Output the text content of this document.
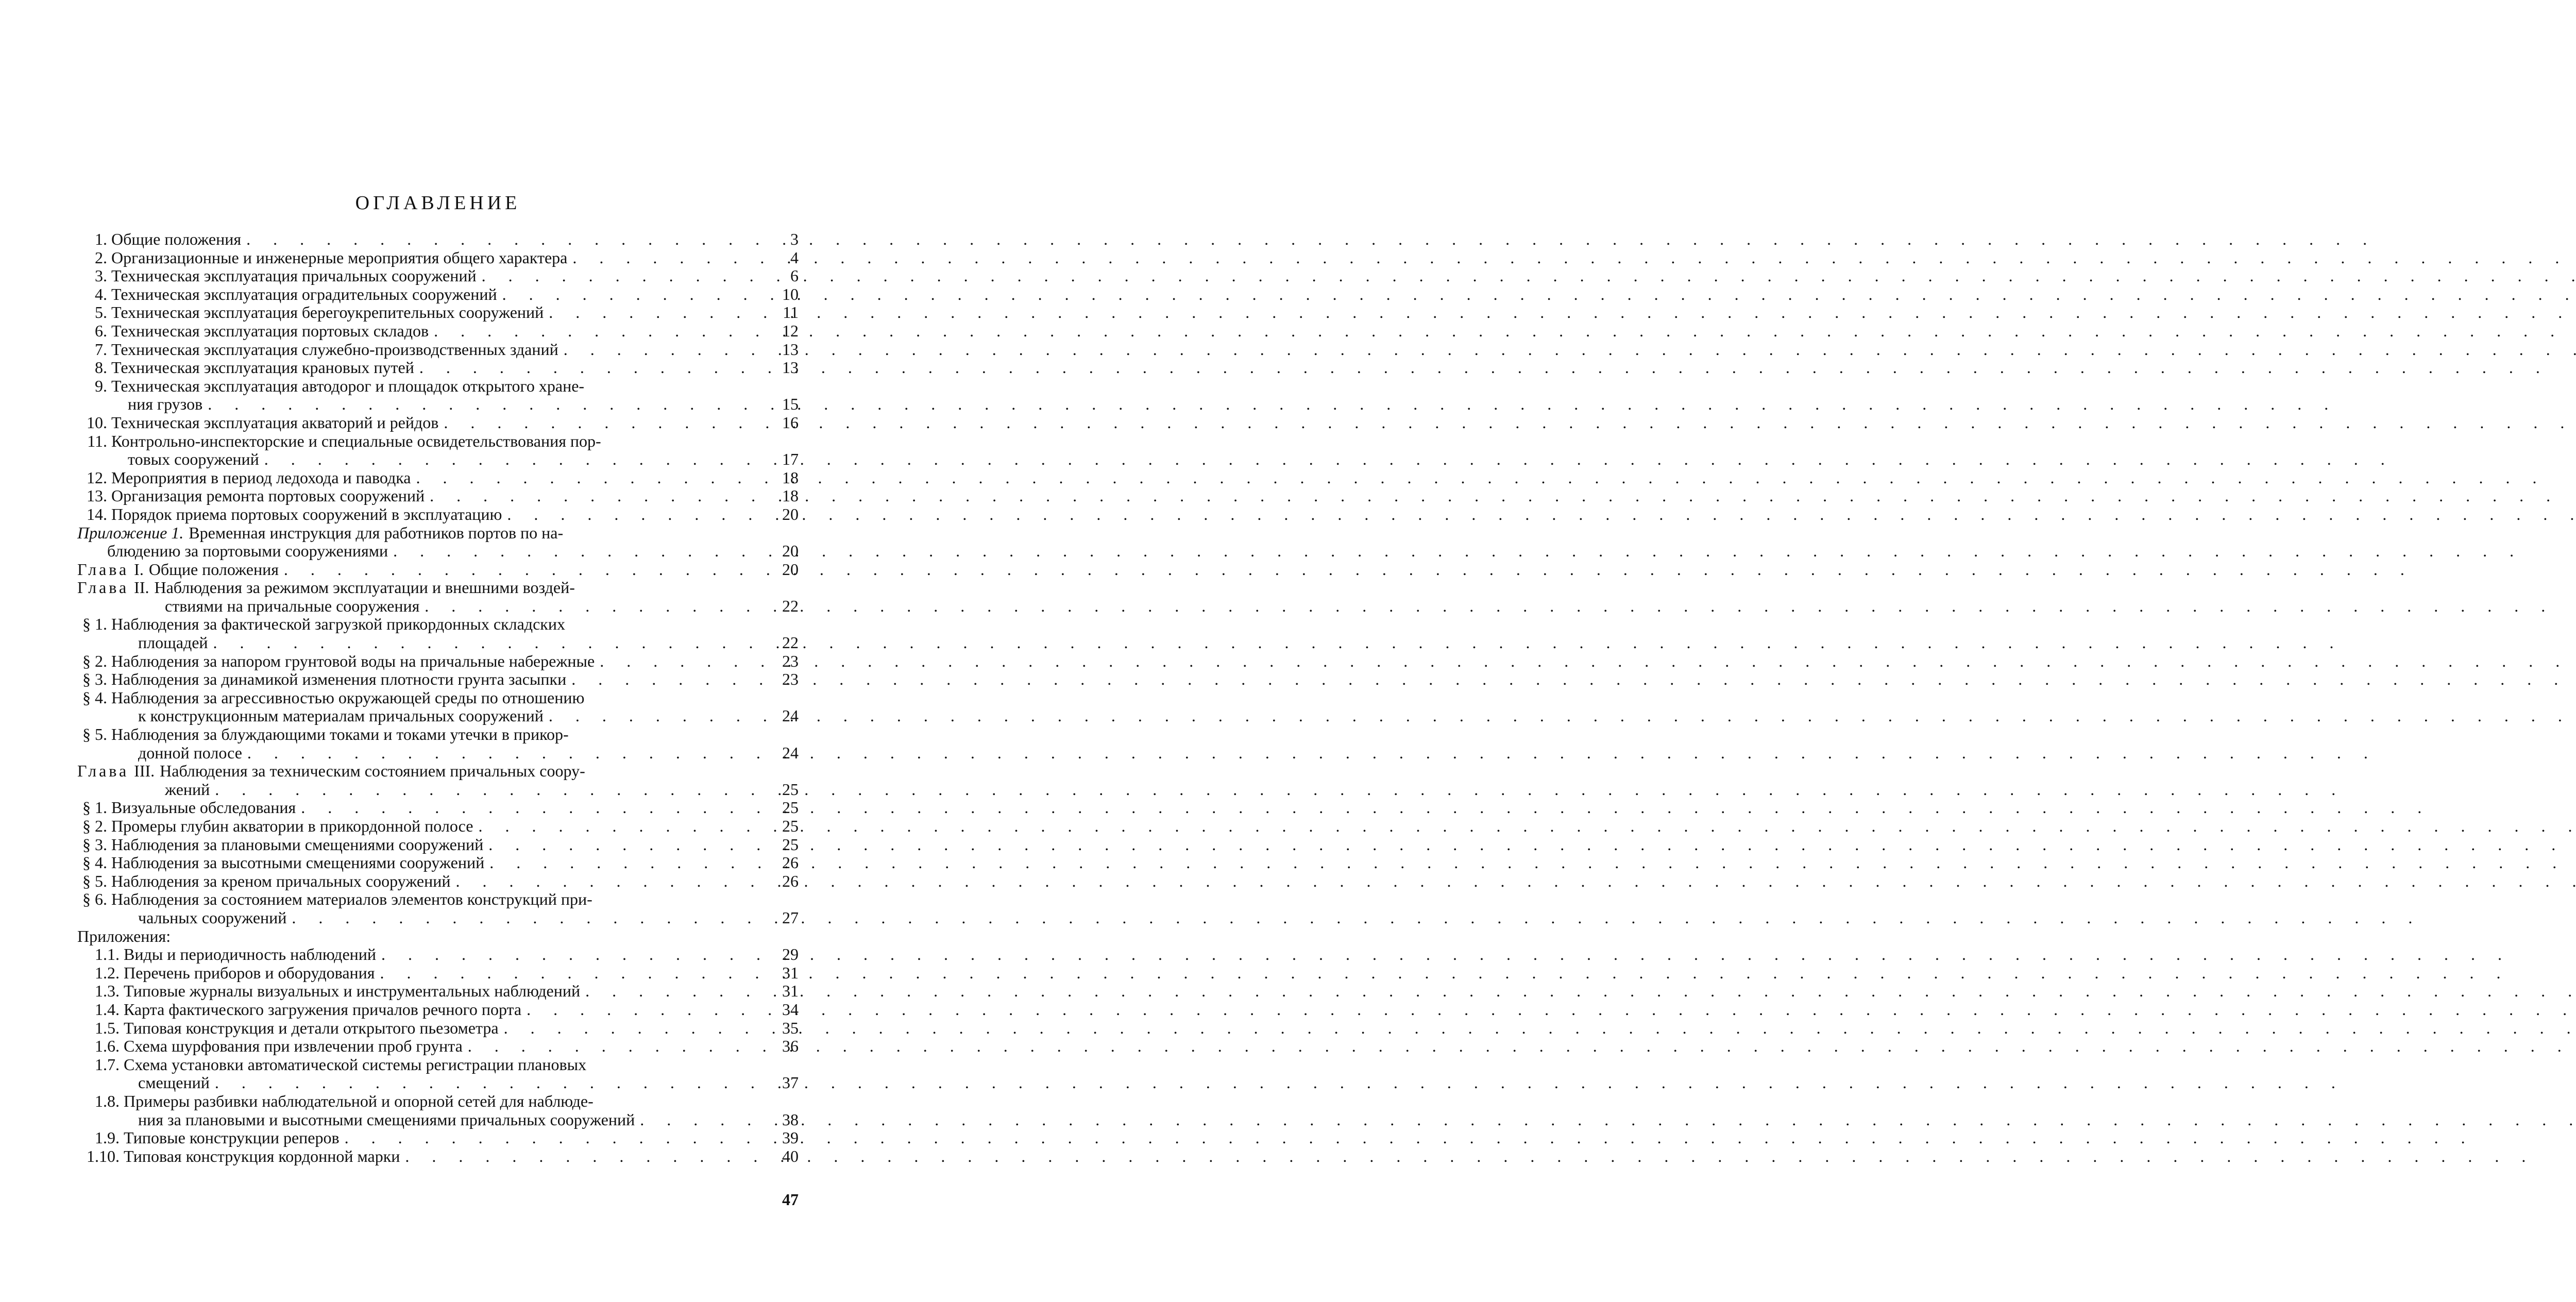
ОГЛАВЛЕНИЕ
1. Общие положения . . .	3
2. Организационные и инженерные мероприятия общего характера . . .	4
3. Техническая эксплуатация причальных сооружений . . .	6
4. Техническая эксплуатация оградительных сооружений . . .	10
5. Техническая эксплуатация берегоукрепительных сооружений . . .	11
6. Техническая эксплуатация портовых складов . . .	12
7. Техническая эксплуатация служебно-производственных зданий . . .	13
8. Техническая эксплуатация крановых путей . . .	13
9. Техническая эксплуатация автодорог и площадок открытого хране-
ния грузов . . .	15
10. Техническая эксплуатация акваторий и рейдов . . .	16
11. Контрольно-инспекторские и специальные освидетельствования пор-
товых сооружений . . .	17
12. Мероприятия в период ледохода и паводка . . .	18
13. Организация ремонта портовых сооружений . . .	18
14. Порядок приема портовых сооружений в эксплуатацию . . .	20
Приложение 1. Временная инструкция для работников портов по на-
блюдению за портовыми сооружениями . . .	20
Глава I. Общие положения . . .	20
Глава II. Наблюдения за режимом эксплуатации и внешними воздей-
ствиями на причальные сооружения . . .	22
§ 1. Наблюдения за фактической загрузкой прикордонных складских
площадей . . .	22
§ 2. Наблюдения за напором грунтовой воды на причальные набережные . . .	23
§ 3. Наблюдения за динамикой изменения плотности грунта засыпки . . .	23
§ 4. Наблюдения за агрессивностью окружающей среды по отношению
к конструкционным материалам причальных сооружений . . .	24
§ 5. Наблюдения за блуждающими токами и токами утечки в прикор-
донной полосе . . .	24
Глава III. Наблюдения за техническим состоянием причальных соору-
жений . . .	25
§ 1. Визуальные обследования . . .	25
§ 2. Промеры глубин акватории в прикордонной полосе . . .	25
§ 3. Наблюдения за плановыми смещениями сооружений . . .	25
§ 4. Наблюдения за высотными смещениями сооружений . . .	26
§ 5. Наблюдения за креном причальных сооружений . . .	26
§ 6. Наблюдения за состоянием материалов элементов конструкций при-
чальных сооружений . . .	27
Приложения:
1.1. Виды и периодичность наблюдений . . .	29
1.2. Перечень приборов и оборудования . . .	31
1.3. Типовые журналы визуальных и инструментальных наблюдений . . .	31
1.4. Карта фактического загружения причалов речного порта . . .	34
1.5. Типовая конструкция и детали открытого пьезометра . . .	35
1.6. Схема шурфования при извлечении проб грунта . . .	36
1.7. Схема установки автоматической системы регистрации плановых
смещений . . .	37
1.8. Примеры разбивки наблюдательной и опорной сетей для наблюде-
ния за плановыми и высотными смещениями причальных сооружений . . .	38
1.9. Типовые конструкции реперов . . .	39
1.10. Типовая конструкция кордонной марки . . .	40
47
